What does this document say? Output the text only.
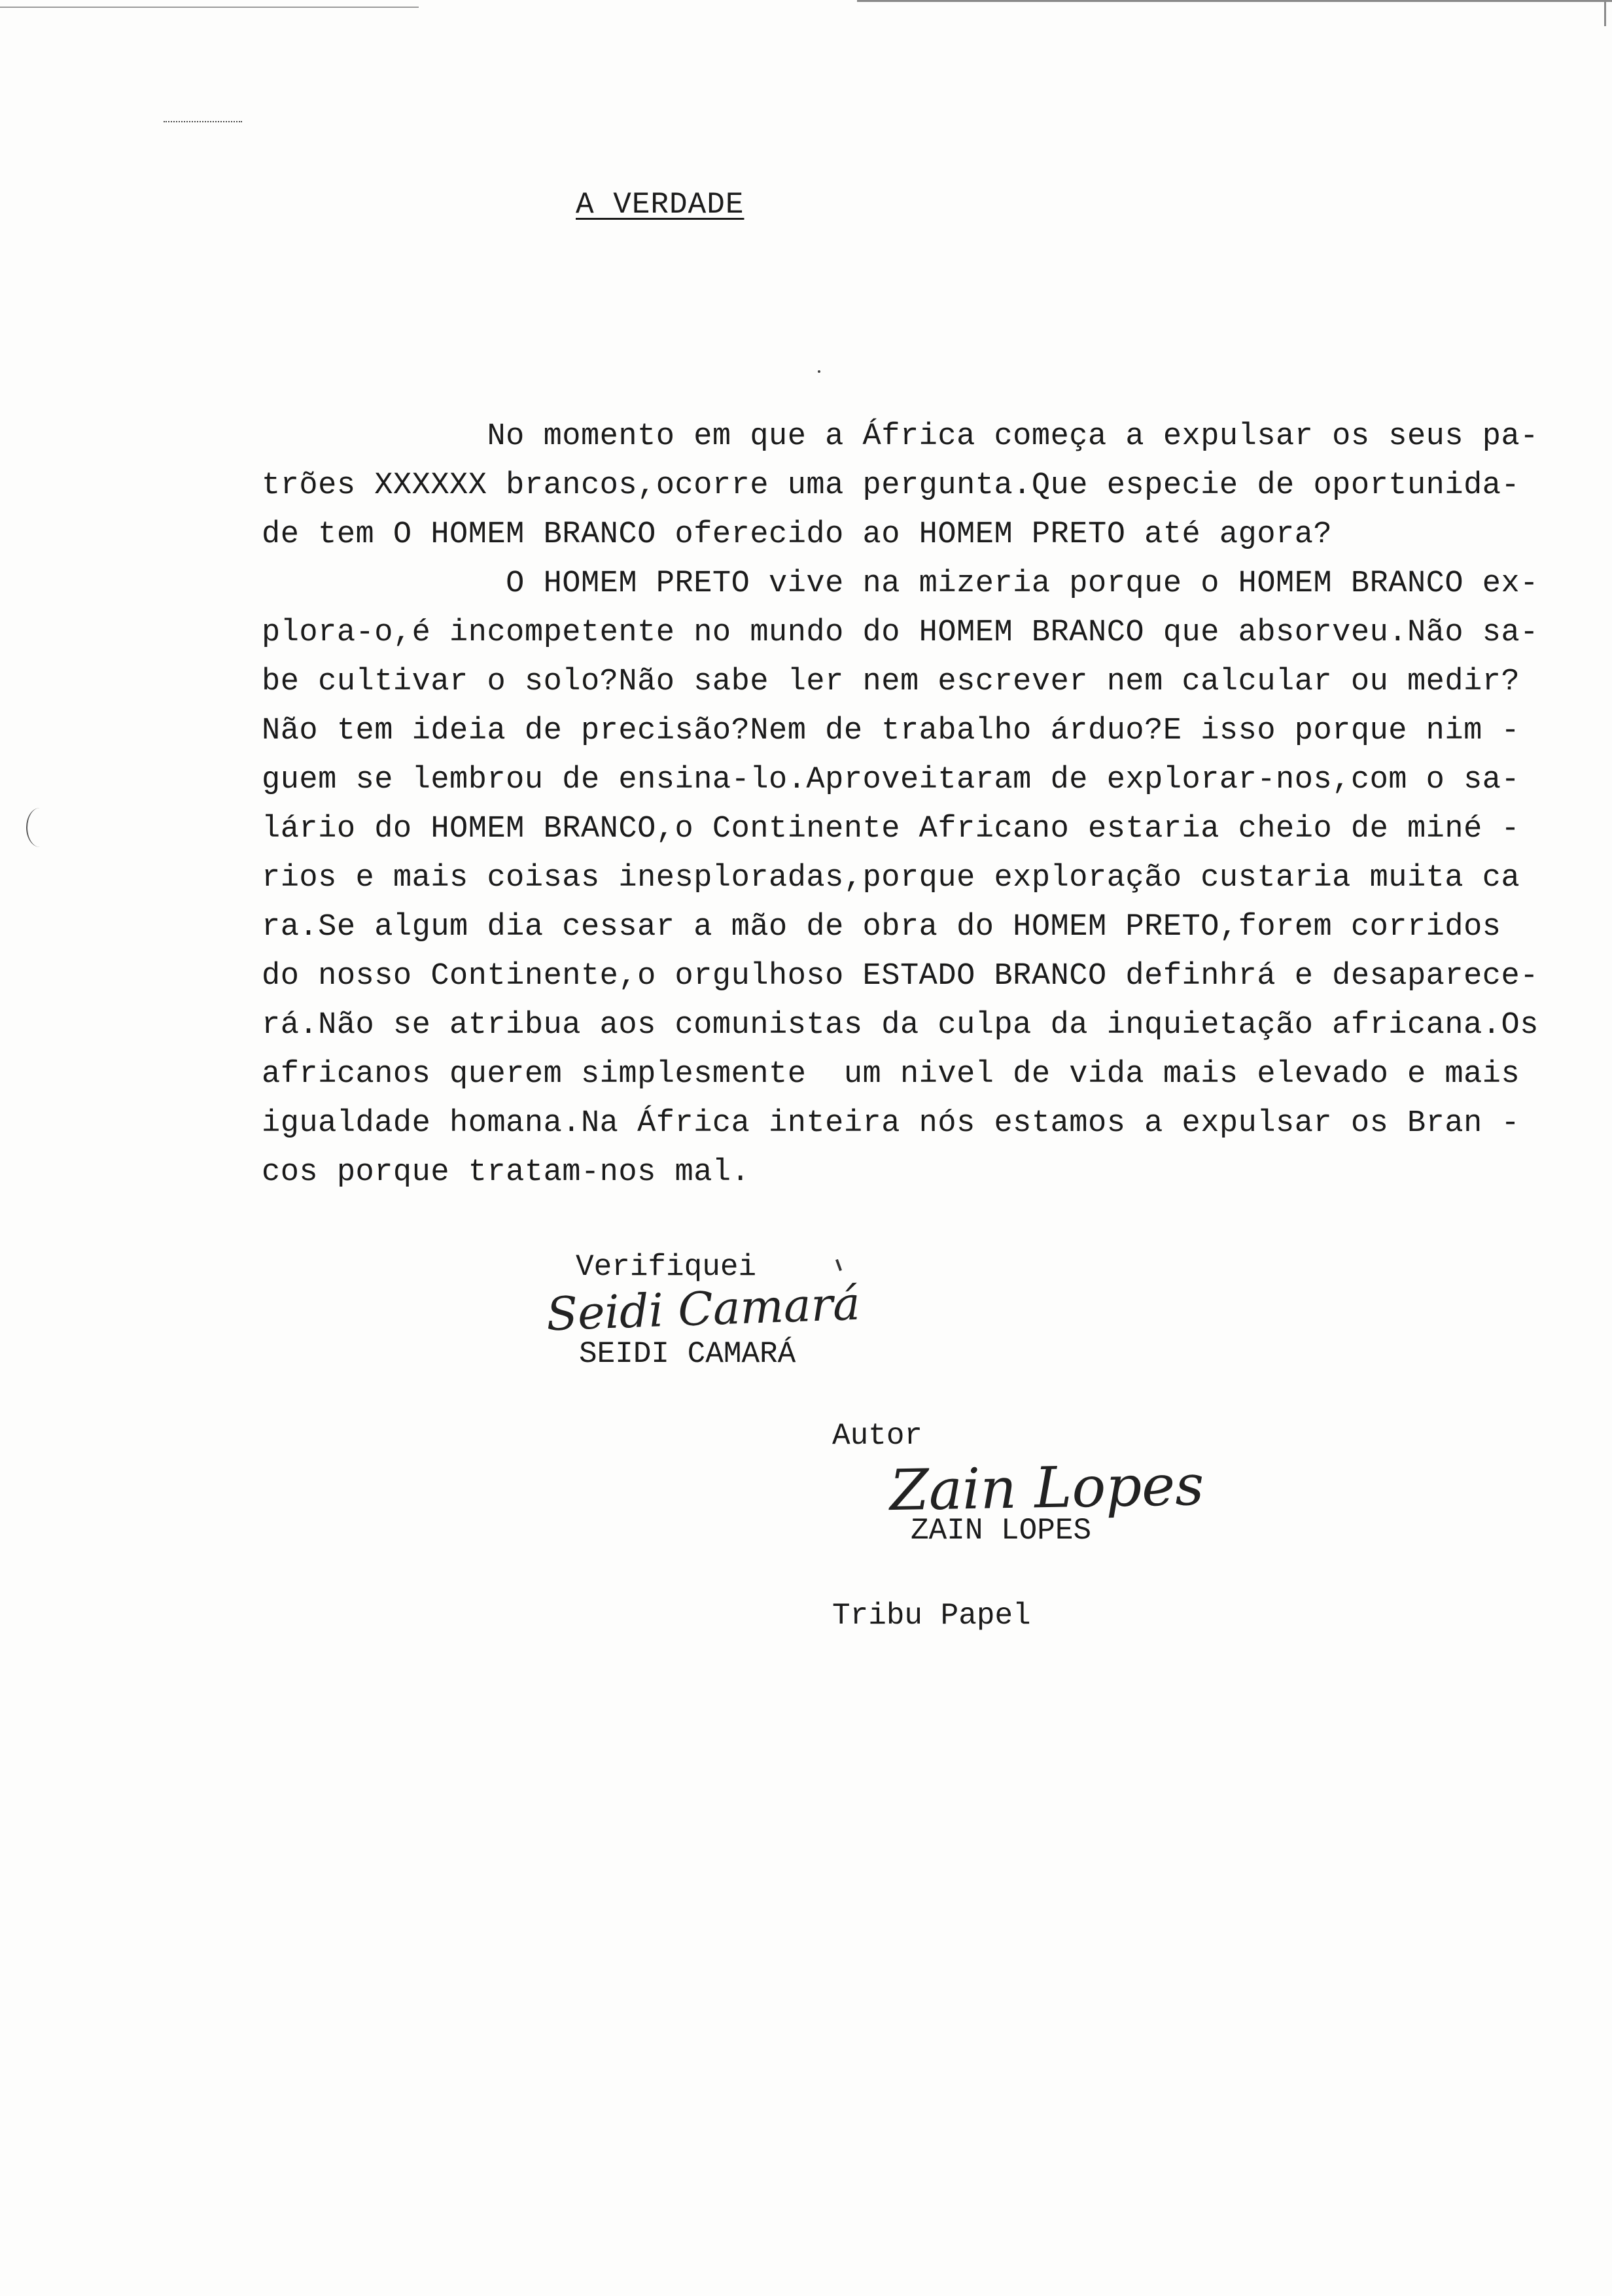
A VERDADE
No momento em que a África começa a expulsar os seus pa-
trões XXXXXX brancos,ocorre uma pergunta.Que especie de oportunida-
de tem O HOMEM BRANCO oferecido ao HOMEM PRETO até agora?
O HOMEM PRETO vive na mizeria porque o HOMEM BRANCO ex-
plora-o,é incompetente no mundo do HOMEM BRANCO que absorveu.Não sa-
be cultivar o solo?Não sabe ler nem escrever nem calcular ou medir?
Não tem ideia de precisão?Nem de trabalho árduo?E isso porque nim -
guem se lembrou de ensina-lo.Aproveitaram de explorar-nos,com o sa-
lário do HOMEM BRANCO,o Continente Africano estaria cheio de miné -
rios e mais coisas inesploradas,porque exploração custaria muita ca
ra.Se algum dia cessar a mão de obra do HOMEM PRETO,forem corridos
do nosso Continente,o orgulhoso ESTADO BRANCO definhrá e desaparece-
rá.Não se atribua aos comunistas da culpa da inquietação africana.Os
africanos querem simplesmente  um nivel de vida mais elevado e mais
igualdade homana.Na África inteira nós estamos a expulsar os Bran -
cos porque tratam-nos mal.
Verifiquei
Seidi Camará
SEIDI CAMARÁ
Autor
Zain Lopes
ZAIN LOPES
Tribu Papel
